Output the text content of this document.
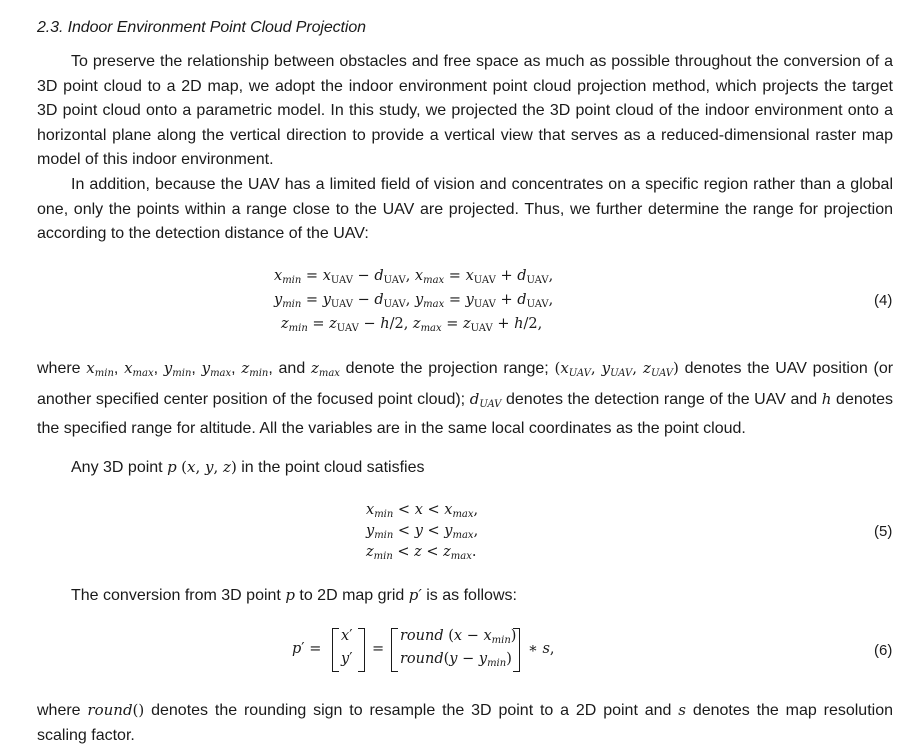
2.3. Indoor Environment Point Cloud Projection
To preserve the relationship between obstacles and free space as much as possible throughout the conversion of a 3D point cloud to a 2D map, we adopt the indoor environment point cloud projection method, which projects the target 3D point cloud onto a parametric model. In this study, we projected the 3D point cloud of the indoor environment onto a horizontal plane along the vertical direction to provide a vertical view that serves as a reduced-dimensional raster map model of this indoor environment.
In addition, because the UAV has a limited field of vision and concentrates on a specific region rather than a global one, only the points within a range close to the UAV are projected. Thus, we further determine the range for projection according to the detection distance of the UAV:
$x_{min} = x_{UAV} - d_{UAV}$, $x_{max} = x_{UAV} + d_{UAV}$,
$y_{min} = y_{UAV} - d_{UAV}$, $y_{max} = y_{UAV} + d_{UAV}$,
$z_{min} = z_{UAV} - h/2$, $z_{max} = z_{UAV} + h/2$,
(4)
where $x_{min}$, $x_{max}$, $y_{min}$, $y_{max}$, $z_{min}$, and $z_{max}$ denote the projection range; ($x_{UAV}$, $y_{UAV}$, $z_{UAV}$) denotes the UAV position (or another specified center position of the focused point cloud); $d_{UAV}$ denotes the detection range of the UAV and h denotes the specified range for altitude. All the variables are in the same local coordinates as the point cloud.
Any 3D point p (x, y, z) in the point cloud satisfies
$x_{min} < x < x_{max}$,
$y_{min} < y < y_{max}$,
$z_{min} < z < z_{max}$.
(5)
The conversion from 3D point p to 2D map grid p′ is as follows:
p′ =
x′
y′
=
round $(x - x_{min})$
round(y − $y_{min}$)
∗ s,	(6)
where round() denotes the rounding sign to resample the 3D point to a 2D point and s denotes the map resolution scaling factor.
